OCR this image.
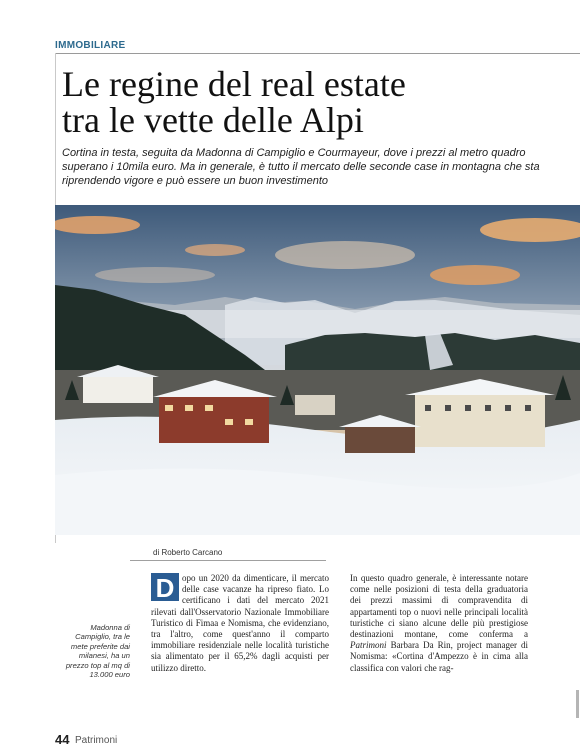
IMMOBILIARE
Le regine del real estate
tra le vette delle Alpi

Cortina in testa, seguita da Madonna di Campiglio e Courmayeur, dove i prezzi al metro quadro superano i 10mila euro. Ma in generale, è tutto il mercato delle seconde case in montagna che sta riprendendo vigore e può essere un buon investimento

di Roberto Carcano

D opo un 2020 da dimenticare, il mercato delle case vacanze ha ripreso fiato. Lo certificano i dati del mercato 2021 rilevati dall'Osservatorio Nazionale Immobiliare Turistico di Fimaa e Nomisma, che evidenziano, tra l'altro, come quest'anno il comparto immobiliare residenziale nelle località turistiche sia alimentato per il 65,2% dagli acquisti per utilizzo diretto.

In questo quadro generale, è interessante notare come nelle posizioni di testa della graduatoria dei prezzi massimi di compravendita di appartamenti top o nuovi nelle principali località turistiche ci siano alcune delle più prestigiose destinazioni montane, come conferma a Patrimoni Barbara Da Rin, project manager di Nomisma: «Cortina d'Ampezzo è in cima alla classifica con valori che rag-

Madonna di Campiglio, tra le mete preferite dai milanesi, ha un prezzo top al mq di 13.000 euro

44 Patrimoni
